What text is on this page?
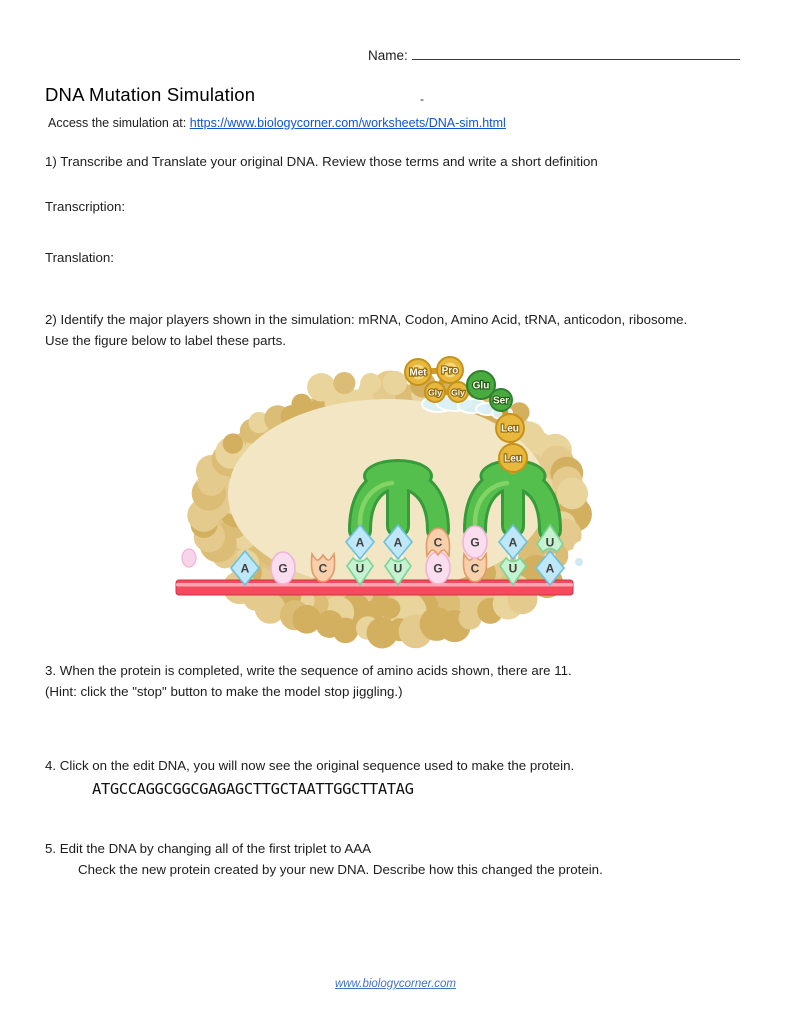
Name:
DNA Mutation Simulation	-
Access the simulation at: https://www.biologycorner.com/worksheets/DNA-sim.html
1) Transcribe and Translate your original DNA. Review those terms and write a short definition
Transcription:
Translation:
2) Identify the major players shown in the simulation: mRNA, Codon, Amino Acid, tRNA, anticodon, ribosome.
Use the figure below to label these parts.
A G	C U U	G C U A
A A	C G A U
Met Pro
Gly Gly
Glu
Ser
Leu
Leu
3. When the protein is completed, write the sequence of amino acids shown, there are 11.
(Hint: click the "stop" button to make the model stop jiggling.)
4. Click on the edit DNA, you will now see the original sequence used to make the protein.
ATGCCAGGCGGCGAGAGCTTGCTAATTGGCTTATAG
5. Edit the DNA by changing all of the first triplet to AAA
Check the new protein created by your new DNA. Describe how this changed the protein.
www.biologycorner.com
